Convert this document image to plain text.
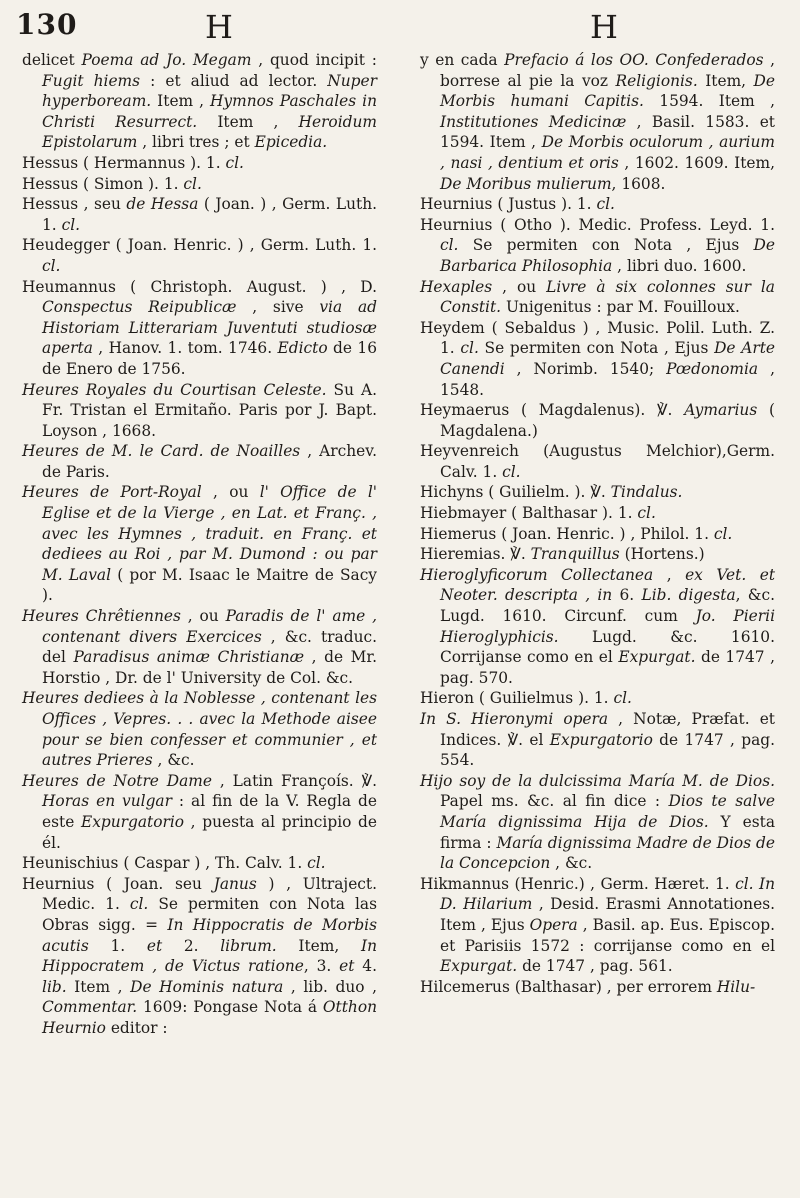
130	H	H

delicet Poema ad Jo. Megam , quod incipit : Fugit hiems : et aliud ad lector. Nuper hyperboream. Item , Hymnos Paschales in Christi Resurrect. Item , Heroidum Epistolarum , libri tres ; et Epicedia.

Hessus ( Hermannus ). 1. cl.

Hessus ( Simon ). 1. cl.

Hessus , seu de Hessa ( Joan. ) , Germ. Luth. 1. cl.

Heudegger ( Joan. Henric. ) , Germ. Luth. 1. cl.

Heumannus ( Christoph. August. ) , D. Conspectus Reipublicæ , sive via ad Historiam Litterariam Juventuti studiosæ aperta , Hanov. 1. tom. 1746. Edicto de 16 de Enero de 1756.

Heures Royales du Courtisan Celeste. Su A. Fr. Tristan el Ermitaño. Paris por J. Bapt. Loyson , 1668.

Heures de M. le Card. de Noailles , Archev. de Paris.

Heures de Port-Royal , ou l' Office de l' Eglise et de la Vierge , en Lat. et Franç. , avec les Hymnes , traduit. en Franç. et dediees au Roi , par M. Dumond : ou par M. Laval ( por M. Isaac le Maitre de Sacy ).

Heures Chrêtiennes , ou Paradis de l' ame , contenant divers Exercices , &c. traduc. del Paradisus animæ Christianæ , de Mr. Horstio , Dr. de l' University de Col. &c.

Heures dediees à la Noblesse , contenant les Offices , Vepres. . . avec la Methode aisee pour se bien confesser et communier , et autres Prieres , &c.

Heures de Notre Dame , Latin Françoís. ℣. Horas en vulgar : al fin de la V. Regla de este Expurgatorio , puesta al principio de él.

Heunischius ( Caspar ) , Th. Calv. 1. cl.

Heurnius ( Joan. seu Janus ) , Ultraject. Medic. 1. cl. Se permiten con Nota las Obras sigg. = In Hippocratis de Morbis acutis 1. et 2. librum. Item, In Hippocratem , de Victus ratione, 3. et 4. lib. Item , De Hominis natura , lib. duo , Commentar. 1609: Pongase Nota á Otthon Heurnio editor :

y en cada Prefacio á los OO. Confederados , borrese al pie la voz Religionis. Item, De Morbis humani Capitis. 1594. Item , Institutiones Medicinæ , Basil. 1583. et 1594. Item , De Morbis oculorum , aurium , nasi , dentium et oris , 1602. 1609. Item, De Moribus mulierum, 1608.

Heurnius ( Justus ). 1. cl.

Heurnius ( Otho ). Medic. Profess. Leyd. 1. cl. Se permiten con Nota , Ejus De Barbarica Philosophia , libri duo. 1600.

Hexaples , ou Livre à six colonnes sur la Constit. Unigenitus : par M. Fouilloux.

Heydem ( Sebaldus ) , Music. Polil. Luth. Z. 1. cl. Se permiten con Nota , Ejus De Arte Canendi , Norimb. 1540; Pœdonomia , 1548.

Heymaerus ( Magdalenus). ℣. Aymarius ( Magdalena.)

Heyvenreich (Augustus Melchior),Germ. Calv. 1. cl.

Hichyns ( Guilielm. ). ℣. Tindalus.

Hiebmayer ( Balthasar ). 1. cl.

Hiemerus ( Joan. Henric. ) , Philol. 1. cl.

Hieremias. ℣. Tranquillus (Hortens.)

Hieroglyficorum Collectanea , ex Vet. et Neoter. descripta , in 6. Lib. digesta, &c. Lugd. 1610. Circunf. cum Jo. Pierii Hieroglyphicis. Lugd. &c. 1610. Corrijanse como en el Expurgat. de 1747 , pag. 570.

Hieron ( Guilielmus ). 1. cl.

In S. Hieronymi opera , Notæ, Præfat. et Indices. ℣. el Expurgatorio de 1747 , pag. 554.

Hijo soy de la dulcissima María M. de Dios. Papel ms. &c. al fin dice : Dios te salve María dignissima Hija de Dios. Y esta firma : María dignissima Madre de Dios de la Concepcion , &c.

Hikmannus (Henric.) , Germ. Hæret. 1. cl. In D. Hilarium , Desid. Erasmi Annotationes. Item , Ejus Opera , Basil. ap. Eus. Episcop. et Parisiis 1572 : corrijanse como en el Expurgat. de 1747 , pag. 561.

Hilcemerus (Balthasar) , per errorem Hilu-
